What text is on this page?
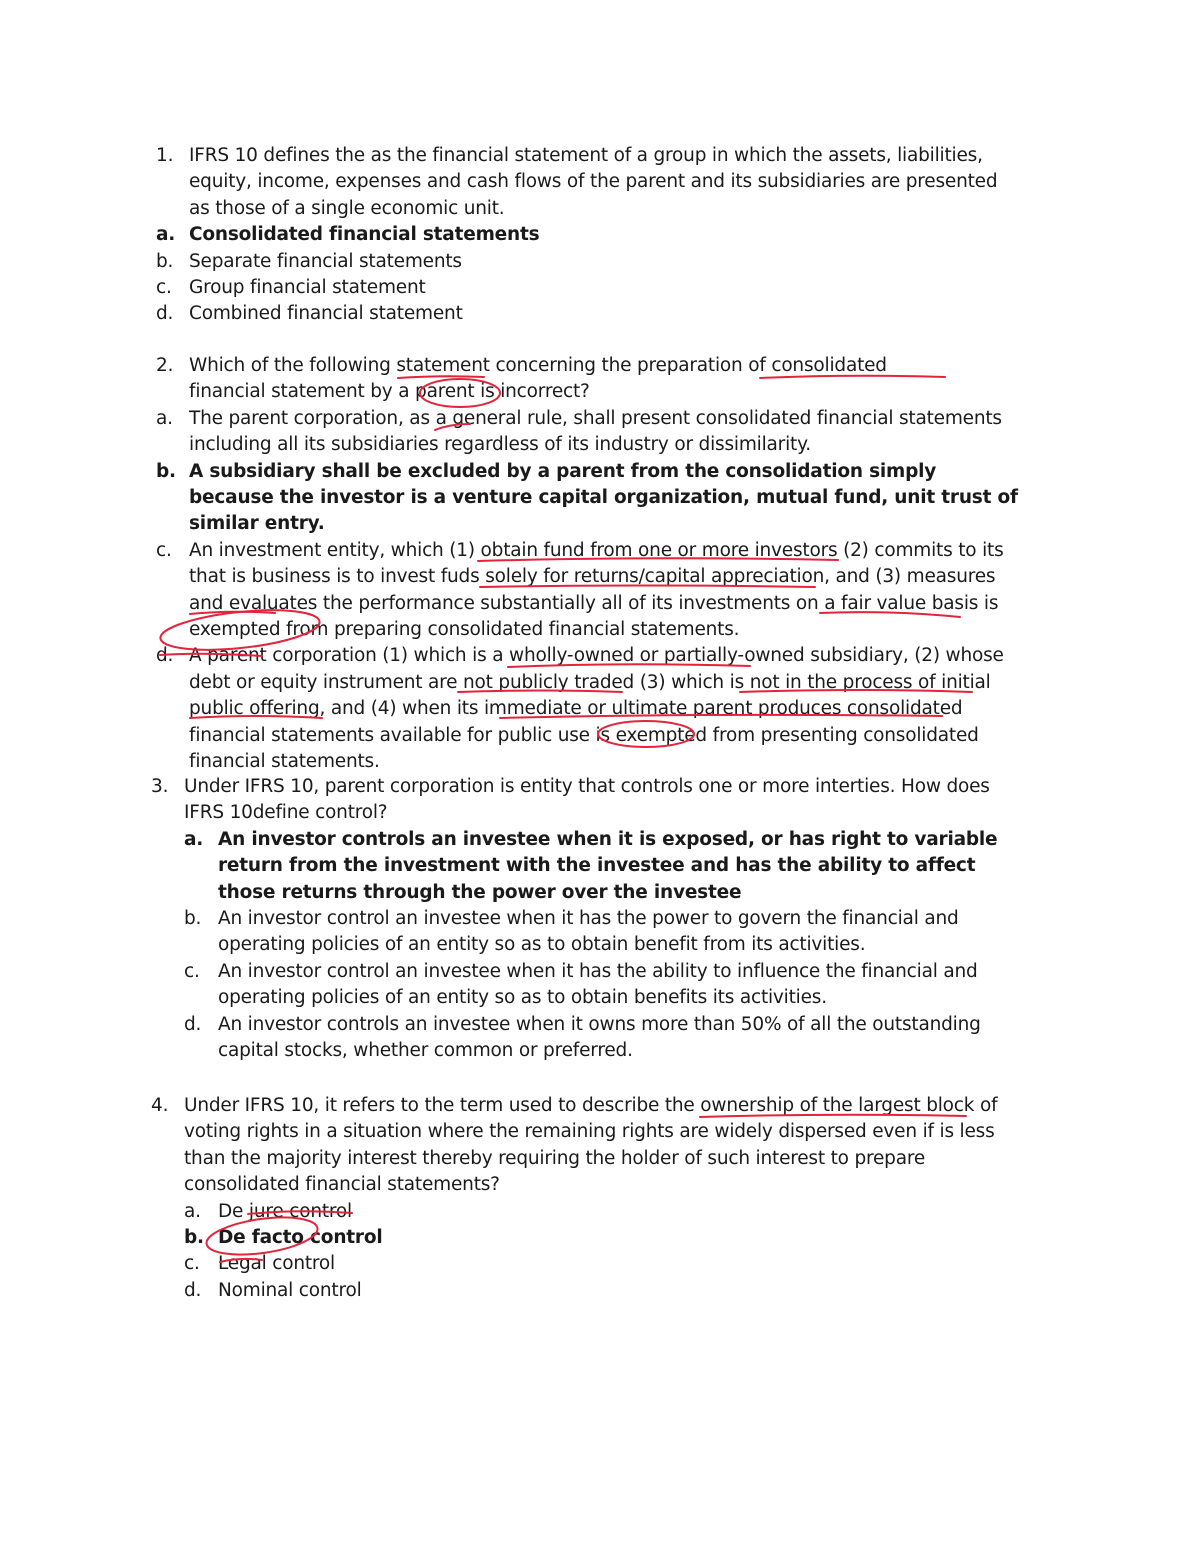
1. IFRS 10 defines the as the financial statement of a group in which the assets, liabilities, equity, income, expenses and cash flows of the parent and its subsidiaries are presented as those of a single economic unit.
a. Consolidated financial statements
b. Separate financial statements
c. Group financial statement
d. Combined financial statement
2. Which of the following statement concerning the preparation of consolidated financial statement by a parent is incorrect?
a. The parent corporation, as a general rule, shall present consolidated financial statements including all its subsidiaries regardless of its industry or dissimilarity.
b. A subsidiary shall be excluded by a parent from the consolidation simply because the investor is a venture capital organization, mutual fund, unit trust of similar entry.
c. An investment entity, which (1) obtain fund from one or more investors (2) commits to its that is business is to invest fuds solely for returns/capital appreciation, and (3) measures and evaluates the performance substantially all of its investments on a fair value basis is exempted from preparing consolidated financial statements.
d. A parent corporation (1) which is a wholly-owned or partially-owned subsidiary, (2) whose debt or equity instrument are not publicly traded (3) which is not in the process of initial public offering, and (4) when its immediate or ultimate parent produces consolidated financial statements available for public use is exempted from presenting consolidated financial statements.
3. Under IFRS 10, parent corporation is entity that controls one or more interties. How does IFRS 10define control?
a. An investor controls an investee when it is exposed, or has right to variable return from the investment with the investee and has the ability to affect those returns through the power over the investee
b. An investor control an investee when it has the power to govern the financial and operating policies of an entity so as to obtain benefit from its activities.
c. An investor control an investee when it has the ability to influence the financial and operating policies of an entity so as to obtain benefits its activities.
d. An investor controls an investee when it owns more than 50% of all the outstanding capital stocks, whether common or preferred.
4. Under IFRS 10, it refers to the term used to describe the ownership of the largest block of voting rights in a situation where the remaining rights are widely dispersed even if is less than the majority interest thereby requiring the holder of such interest to prepare consolidated financial statements?
a. De jure control
b. De facto control
c. Legal control
d. Nominal control
